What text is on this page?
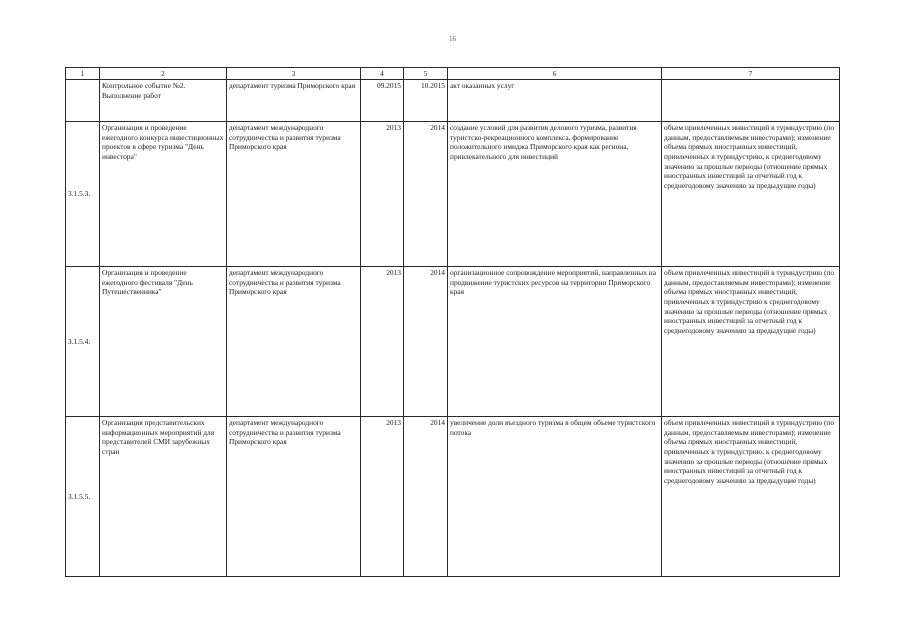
16
1	2	3	4	5	6	7
	Контрольное событие №2. Выполнение работ	департамент туризма Приморского края	09.2015	10.2015	акт оказанных услуг	
3.1.5.3.	Организация и проведение ежегодного конкурса инвестиционных проектов в сфере туризма "День инвестора"	департамент международного сотрудничества и развития туризма Приморского края	2013	2014	создание условий для развития делового туризма, развития туристско-рекреационного комплекса, формирование положительного имиджа Приморского края как региона, привлекательного для инвестиций	объем привлеченных инвестиций в туриндустрию (по данным, предоставляемым инвесторами); изменение объема прямых иностранных инвестиций, привлеченных в туриндустрию, к среднегодовому значению за прошлые периоды (отношение прямых иностранных инвестиций за отчетный год к среднегодовому значению за предыдущие годы)
3.1.5.4.	Организация и проведение ежегодного фестиваля "День Путешественника"	департамент международного сотрудничества и развития туризма Приморского края	2013	2014	организационное сопровождение мероприятий, направленных на продвижение туристских ресурсов на территории Приморского края	объем привлеченных инвестиций в туриндустрию (по данным, предоставляемым инвесторами); изменение объема прямых иностранных инвестиций, привлеченных в туриндустрию к среднегодовому значению за прошлые периоды (отношение прямых иностранных инвестиций за отчетный год к среднегодовому значению за предыдущие годы)
3.1.5.5.	Организация представительских информационных мероприятий для представителей СМИ зарубежных стран	департамент международного сотрудничества и развития туризма Приморского края	2013	2014	увеличение доли въездного туризма в общем объеме туристского потока	объем привлеченных инвестиций в туриндустрию (по данным, предоставляемым инвесторами); изменение объема прямых иностранных инвестиций, привлеченных в туриндустрию, к среднегодовому значению за прошлые периоды (отношение прямых иностранных инвестиций за отчетный год к среднегодовому значению за предыдущие годы)
